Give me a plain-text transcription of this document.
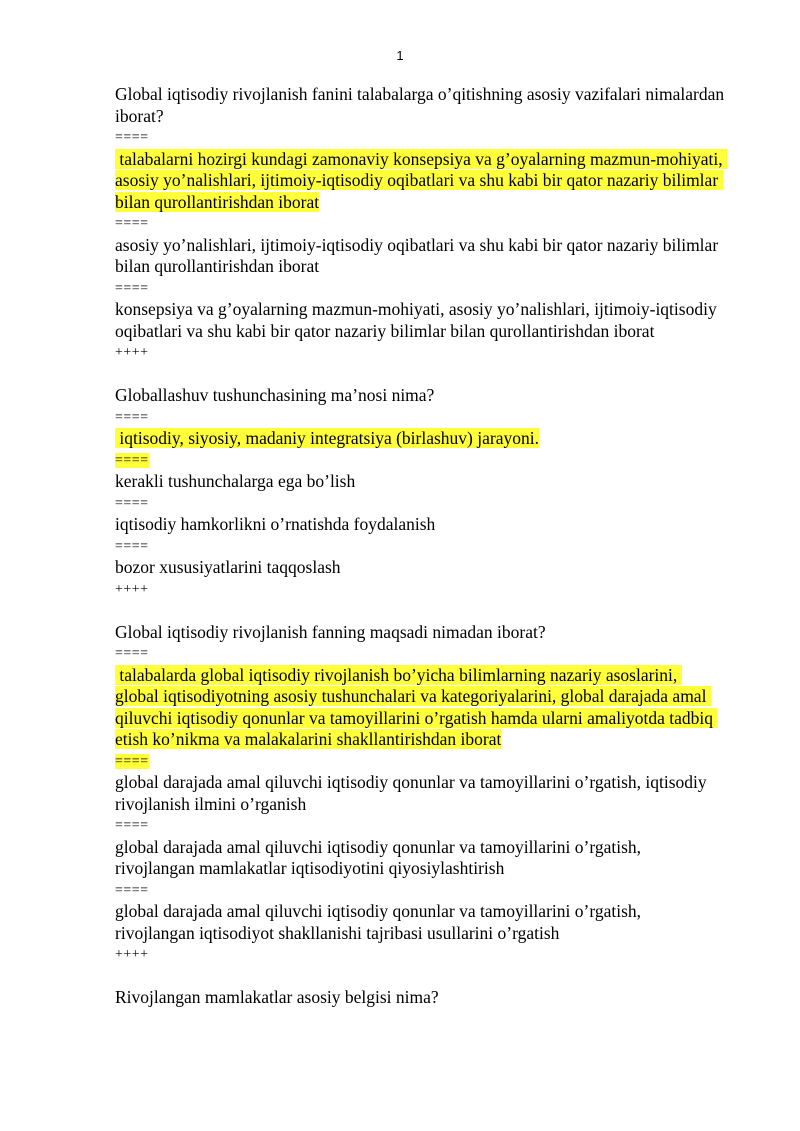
1
Global iqtisodiy rivojlanish fanini talabalarga o’qitishning asosiy vazifalari nimalardan iborat?
====
talabalarni hozirgi kundagi zamonaviy konsepsiya va g’oyalarning mazmun-mohiyati, asosiy yo’nalishlari, ijtimoiy-iqtisodiy oqibatlari va shu kabi bir qator nazariy bilimlar bilan qurollantirishdan iborat
====
asosiy yo’nalishlari, ijtimoiy-iqtisodiy oqibatlari va shu kabi bir qator nazariy bilimlar bilan qurollantirishdan iborat
====
konsepsiya va g’oyalarning mazmun-mohiyati, asosiy yo’nalishlari, ijtimoiy-iqtisodiy oqibatlari va shu kabi bir qator nazariy bilimlar bilan qurollantirishdan iborat
++++
Globallashuv tushunchasining ma’nosi nima?
====
iqtisodiy, siyosiy, madaniy integratsiya (birlashuv) jarayoni.
====
kerakli tushunchalarga ega bo’lish
====
iqtisodiy hamkorlikni o’rnatishda foydalanish
====
bozor xususiyatlarini taqqoslash
++++
Global iqtisodiy rivojlanish fanning maqsadi nimadan iborat?
====
talabalarda global iqtisodiy rivojlanish bo’yicha bilimlarning nazariy asoslarini, global iqtisodiyotning asosiy tushunchalari va kategoriyalarini, global darajada amal qiluvchi iqtisodiy qonunlar va tamoyillarini o’rgatish hamda ularni amaliyotda tadbiq etish ko’nikma va malakalarini shakllantirishdan iborat
====
global darajada amal qiluvchi iqtisodiy qonunlar va tamoyillarini o’rgatish, iqtisodiy rivojlanish ilmini o’rganish
====
global darajada amal qiluvchi iqtisodiy qonunlar va tamoyillarini o’rgatish, rivojlangan mamlakatlar iqtisodiyotini qiyosiylashtirish
====
global darajada amal qiluvchi iqtisodiy qonunlar va tamoyillarini o’rgatish, rivojlangan iqtisodiyot shakllanishi tajribasi usullarini o’rgatish
++++
Rivojlangan mamlakatlar asosiy belgisi nima?
